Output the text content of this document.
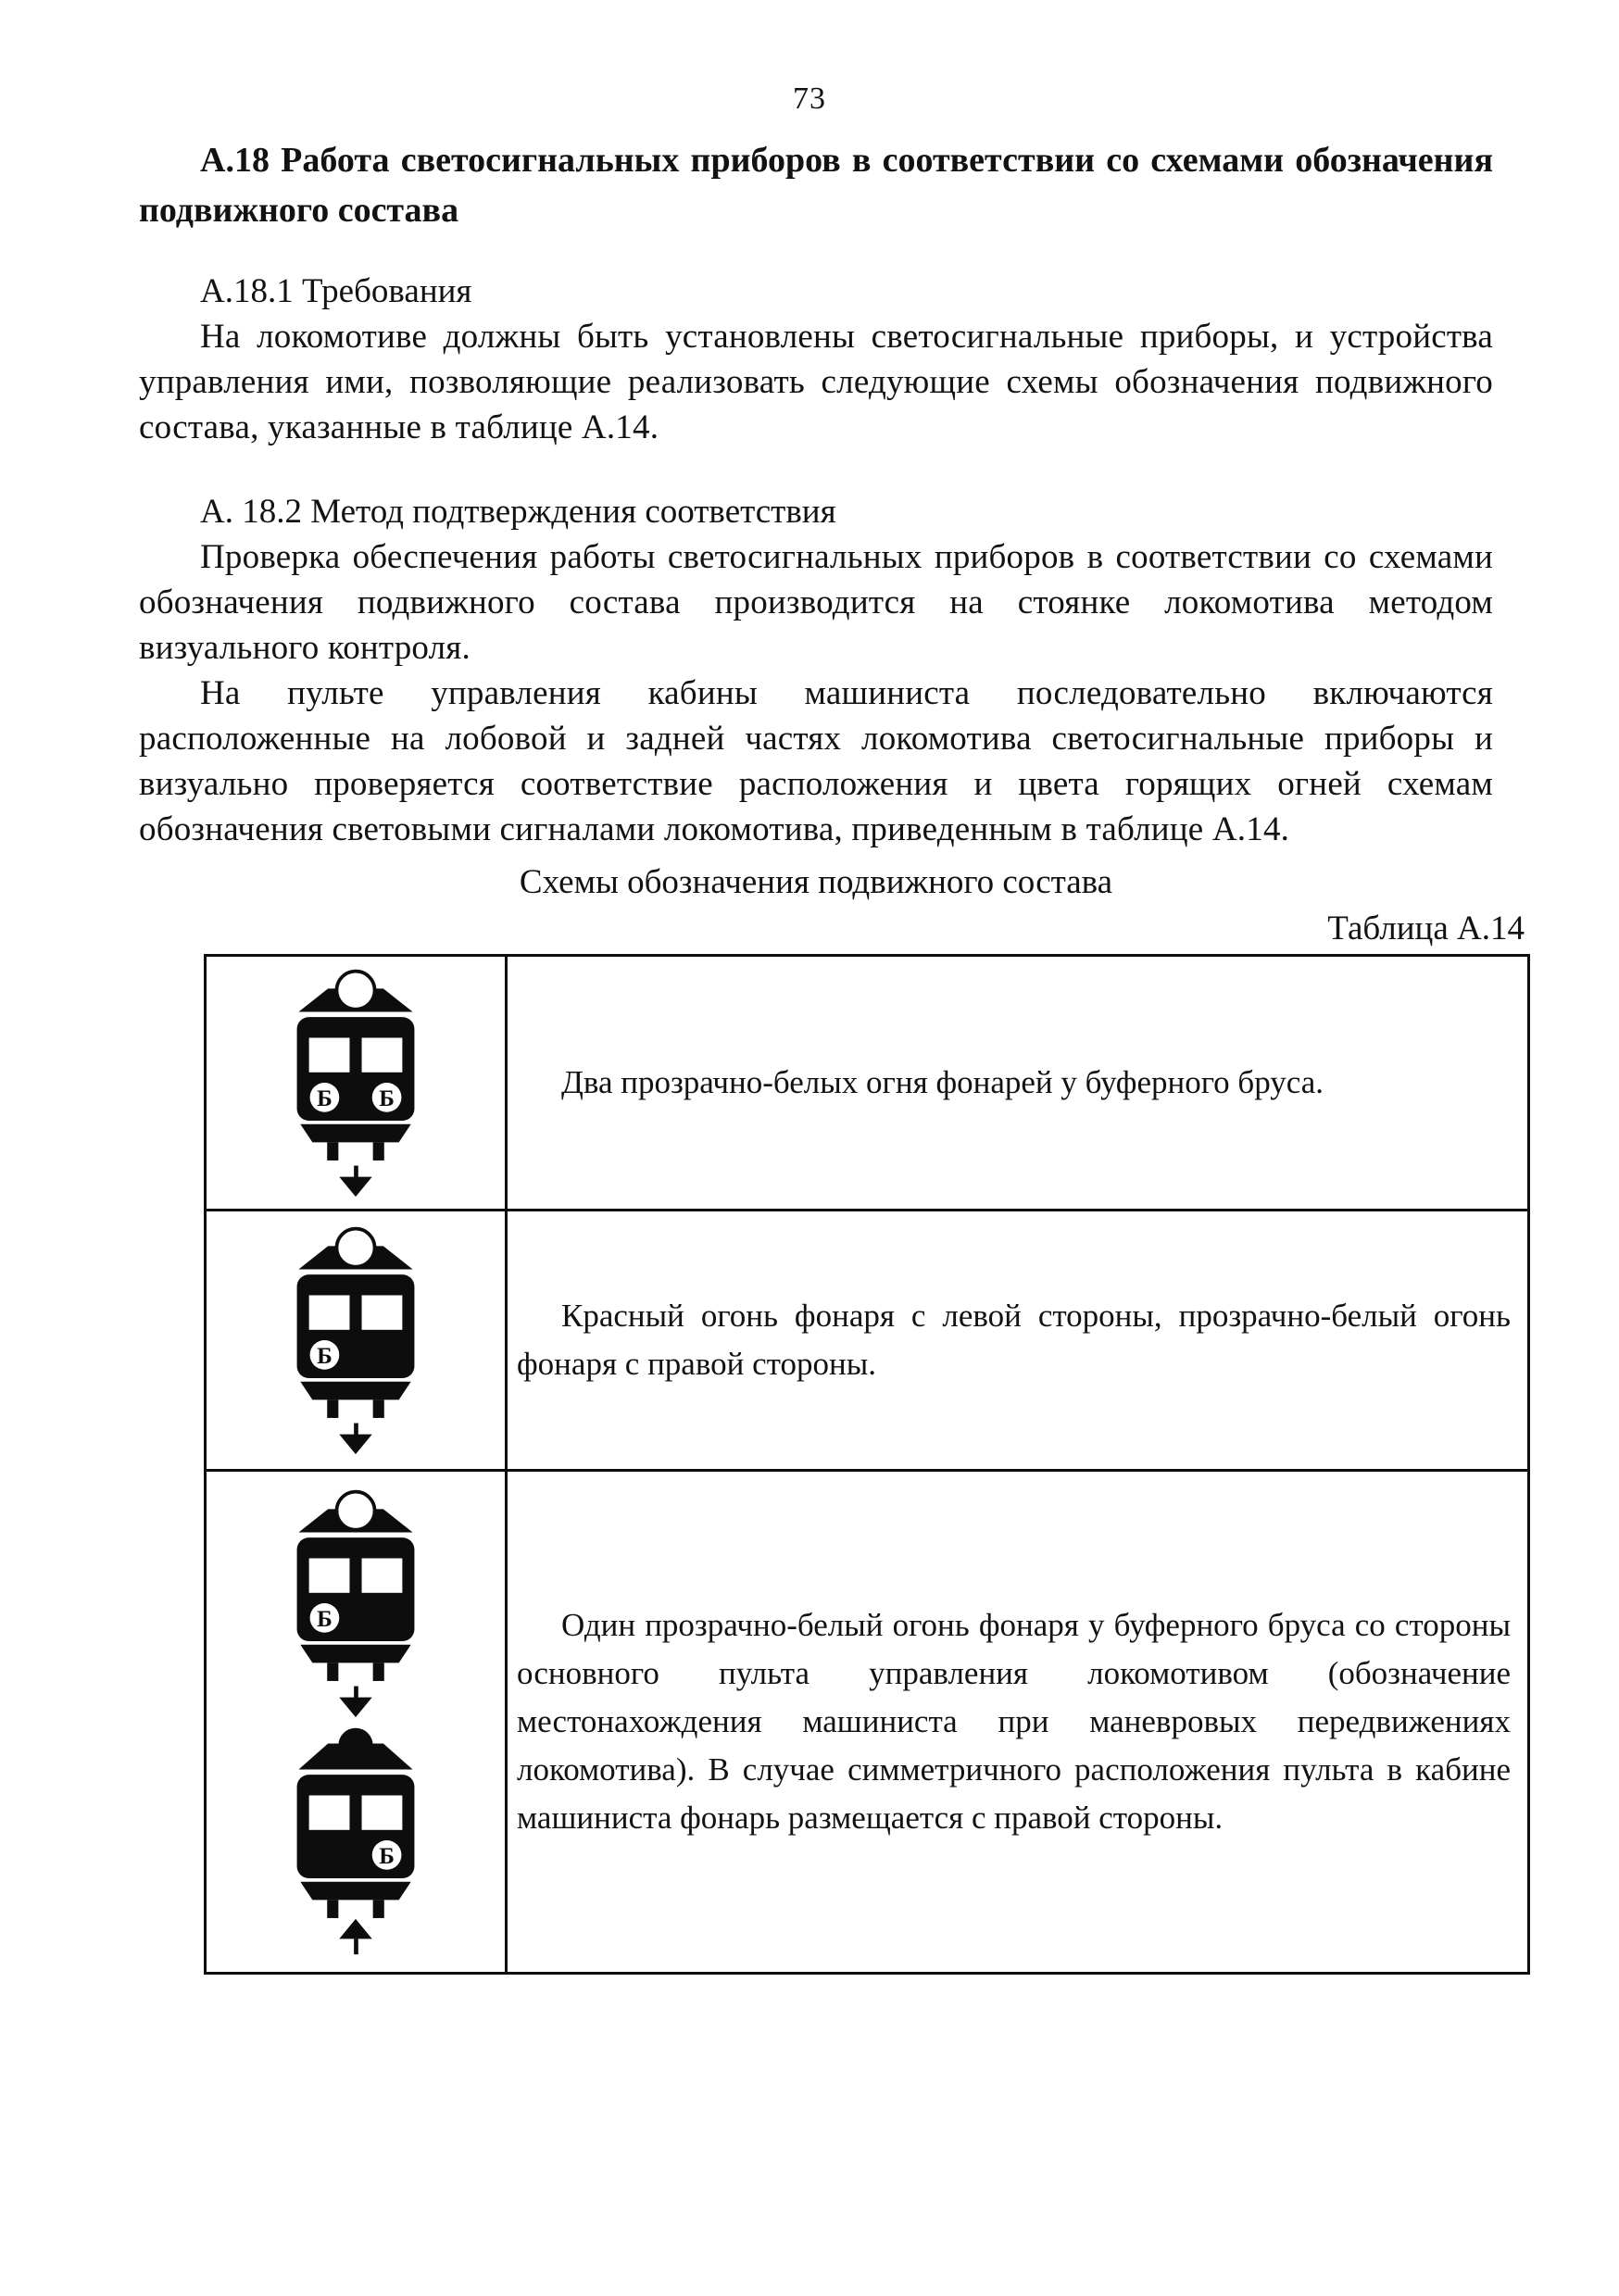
73
А.18 Работа светосигнальных приборов в соответствии со схемами обозначения подвижного состава

А.18.1 Требования

На локомотиве должны быть установлены светосигнальные приборы, и устройства управления ими, позволяющие реализовать следующие схемы обозначения подвижного состава, указанные в таблице А.14.

А. 18.2 Метод подтверждения соответствия

Проверка обеспечения работы светосигнальных приборов в соответствии со схемами обозначения подвижного состава производится на стоянке локомотива методом визуального контроля.

На пульте управления кабины машиниста последовательно включаются расположенные на лобовой и задней частях локомотива светосигнальные приборы и визуально проверяется соответствие расположения и цвета горящих огней схемам обозначения световыми сигналами локомотива, приведенным в таблице А.14.

Схемы обозначения подвижного состава

Таблица А.14

Б Б	Два прозрачно-белых огня фонарей у буферного бруса.

Б	Красный огонь фонаря с левой стороны, прозрачно-белый огонь фонаря с правой стороны.

Б
Б	Один прозрачно-белый огонь фонаря у буферного бруса со стороны основного пульта управления локомотивом (обозначение местонахождения машиниста при маневровых передвижениях локомотива). В случае симметричного расположения пульта в кабине машиниста фонарь размещается с правой стороны.
